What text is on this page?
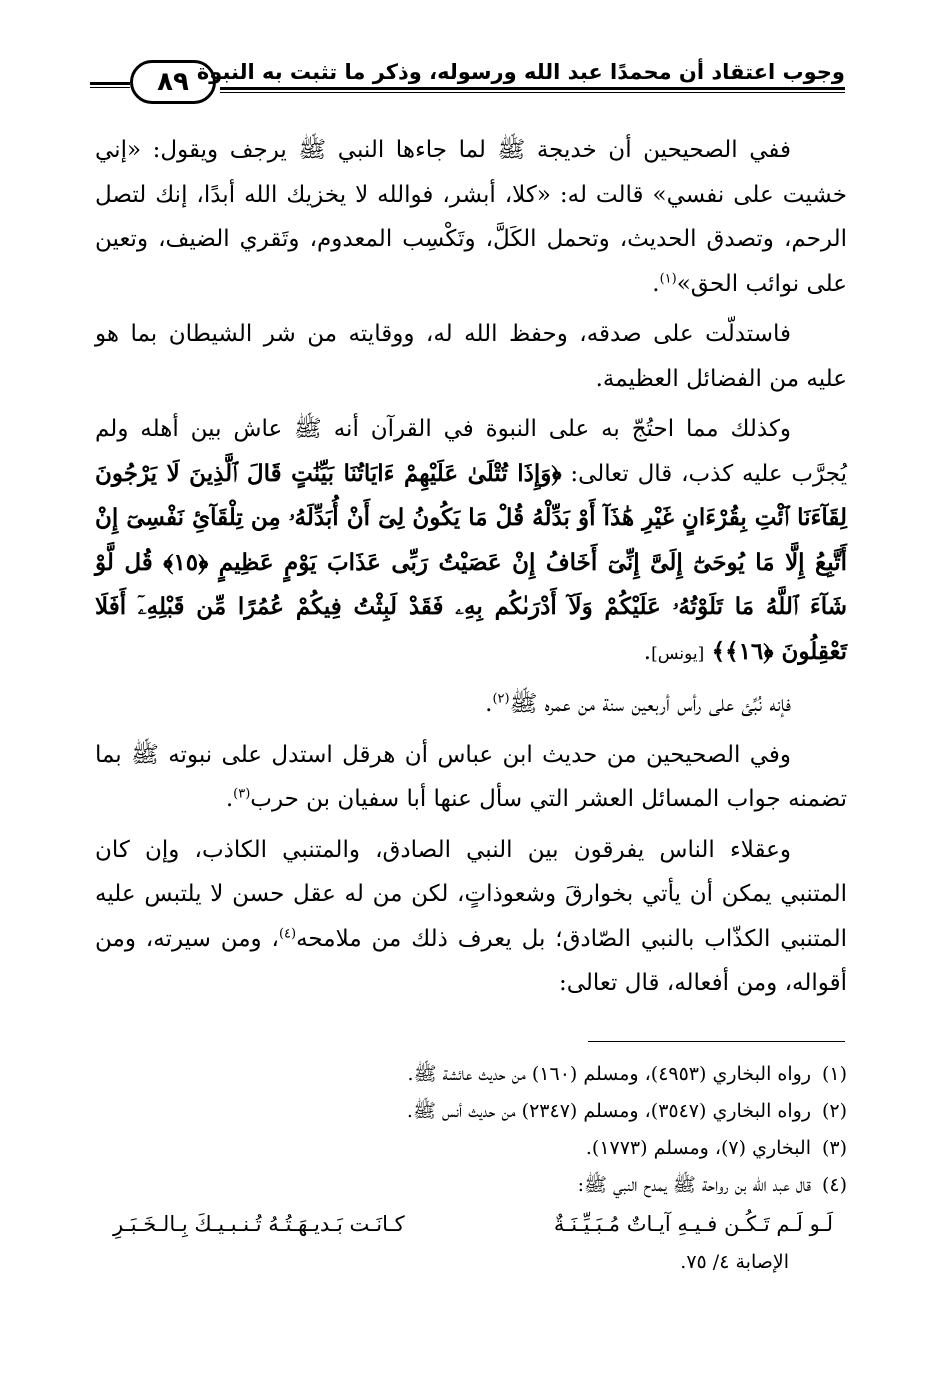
٨٩ وجوب اعتقاد أن محمدًا عبد الله ورسوله، وذكر ما تثبت به النبوة

ففي الصحيحين أن خديجة ﷺ لما جاءها النبي ﷺ يرجف ويقول: «إني خشيت على نفسي» قالت له: «كلا، أبشر، فوالله لا يخزيك الله أبدًا، إنك لتصل الرحم، وتصدق الحديث، وتحمل الكَلَّ، وتَكْسِب المعدوم، وتَقري الضيف، وتعين على نوائب الحق»$^{(١)}$.

فاستدلّت على صدقه، وحفظ الله له، ووقايته من شر الشيطان بما هو عليه من الفضائل العظيمة.

وكذلك مما احتُجّ به على النبوة في القرآن أنه ﷺ عاش بين أهله ولم يُجرَّب عليه كذب، قال تعالى: ﴿وَإِذَا تُتْلَىٰ عَلَيْهِمْ ءَايَاتُنَا بَيِّنَٰتٍ قَالَ ٱلَّذِينَ لَا يَرْجُونَ لِقَآءَنَا ٱئْتِ بِقُرْءَانٍ غَيْرِ هَٰذَآ أَوْ بَدِّلْهُ قُلْ مَا يَكُونُ لِىٓ أَنْ أُبَدِّلَهُۥ مِن تِلْقَآئِ نَفْسِىٓ إِنْ أَتَّبِعُ إِلَّا مَا يُوحَىٰٓ إِلَىَّ إِنِّىٓ أَخَافُ إِنْ عَصَيْتُ رَبِّى عَذَابَ يَوْمٍ عَظِيمٍ ﴿١٥﴾ قُل لَّوْ شَآءَ ٱللَّهُ مَا تَلَوْتُهُۥ عَلَيْكُمْ وَلَآ أَدْرَىٰكُم بِهِۦ فَقَدْ لَبِثْتُ فِيكُمْ عُمُرًا مِّن قَبْلِهِۦٓ أَفَلَا تَعْقِلُونَ ﴿١٦﴾﴾ [يونس].

فإنه نُبِّئ على رأس أربعين سنة من عمره ﷺ$^{(٢)}$.

وفي الصحيحين من حديث ابن عباس أن هرقل استدل على نبوته ﷺ بما تضمنه جواب المسائل العشر التي سأل عنها أبا سفيان بن حرب$^{(٣)}$.

وعقلاء الناس يفرقون بين النبي الصادق، والمتنبي الكاذب، وإن كان المتنبي يمكن أن يأتي بخوارقَ وشعوذاتٍ، لكن من له عقل حسن لا يلتبس عليه المتنبي الكذّاب بالنبي الصّادق؛ بل يعرف ذلك من ملامحه$^{(٤)}$، ومن سيرته، ومن أقواله، ومن أفعاله، قال تعالى:

(١)رواه البخاري (٤٩٥٣)، ومسلم (١٦٠) من حديث عائشة ﷺ.

(٢)رواه البخاري (٣٥٤٧)، ومسلم (٢٣٤٧) من حديث أنس ﷺ.

(٣)البخاري (٧)، ومسلم (١٧٧٣).

(٤)قال عبد الله بن رواحة ﷺ يمدح النبي ﷺ:

لَـو لَـم تَـكُـن فـيـهِ آيـاتٌ مُـبَـيِّـنَـةٌ
كـانَـت بَـديـهَـتُـهُ تُـنـبـيـكَ بِـالـخَـبَـرِ

الإصابة ٤/ ٧٥.
